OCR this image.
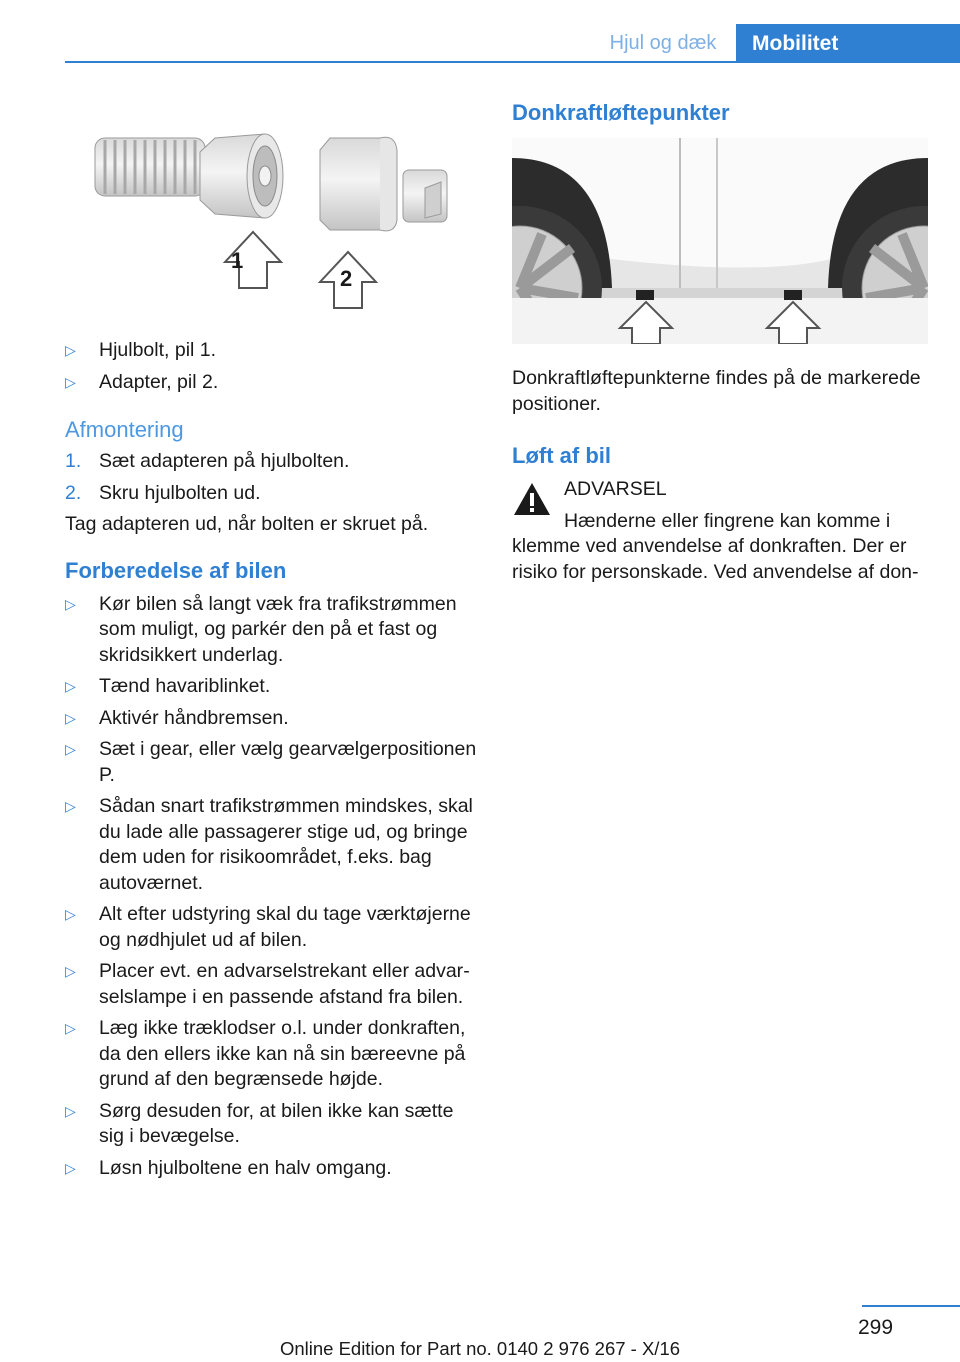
Hjul og dæk Mobilitet
1
2
▷ Hjulbolt, pil 1.
▷ Adapter, pil 2.
Afmontering
1. Sæt adapteren på hjulbolten.
2. Skru hjulbolten ud.

Tag adapteren ud, når bolten er skruet på.

Forberedelse af bilen
▷ Kør bilen så langt væk fra trafikstrømmen som muligt, og parkér den på et fast og skridsikkert underlag.
▷ Tænd havariblinket.
▷ Aktivér håndbremsen.
▷ Sæt i gear, eller vælg gearvælgerpositionen P.
▷ Sådan snart trafikstrømmen mindskes, skal du lade alle passagerer stige ud, og bringe dem uden for risikoområdet, f.eks. bag autoværnet.
▷ Alt efter udstyring skal du tage værktøjerne og nødhjulet ud af bilen.
▷ Placer evt. en advarselstrekant eller advarselslampe i en passende afstand fra bilen.
▷ Læg ikke træklodser o.l. under donkraften, da den ellers ikke kan nå sin bæreevne på grund af den begrænsede højde.
▷ Sørg desuden for, at bilen ikke kan sætte sig i bevægelse.
▷ Løsn hjulboltene en halv omgang.
Donkraftløftepunkter

Donkraftløftepunkterne findes på de markerede positioner.

Løft af bil
ADVARSEL

Hænderne eller fingrene kan komme i klemme ved anvendelse af donkraften. Der er risiko for personskade. Ved anvendelse af don-

299
Online Edition for Part no. 0140 2 976 267 - X/16
